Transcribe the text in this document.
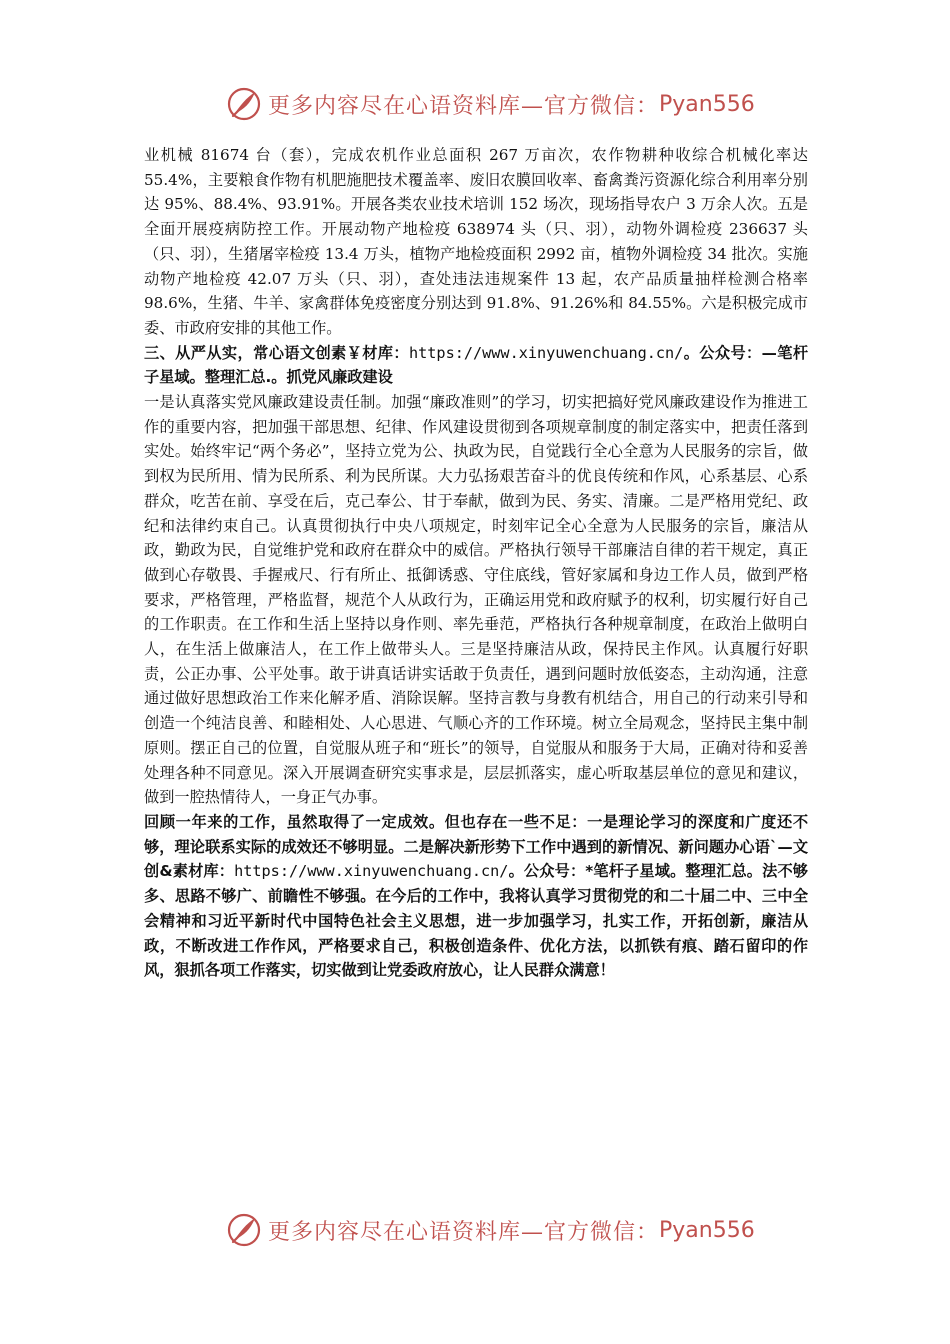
更多内容尽在心语资料库—官方微信： Pyan556

业机械 81674 台（套），完成农机作业总面积 267 万亩次，农作物耕种收综合机械化率达 55.4%，主要粮食作物有机肥施肥技术覆盖率、废旧农膜回收率、畜禽粪污资源化综合利用率分别达 95%、88.4%、93.91%。开展各类农业技术培训 152 场次，现场指导农户 3 万余人次。五是全面开展疫病防控工作。开展动物产地检疫 638974 头（只、羽），动物外调检疫 236637 头（只、羽），生猪屠宰检疫 13.4 万头，植物产地检疫面积 2992 亩，植物外调检疫 34 批次。实施动物产地检疫 42.07 万头（只、羽），查处违法违规案件 13 起，农产品质量抽样检测合格率 98.6%，生猪、牛羊、家禽群体免疫密度分别达到 91.8%、91.26%和 84.55%。六是积极完成市委、市政府安排的其他工作。

三、从严从实，常心语文创素￥材库：https://www.xinyuwenchuang.cn/。公众号：—笔杆子星域。整理汇总.。抓党风廉政建设

一是认真落实党风廉政建设责任制。加强“廉政准则”的学习，切实把搞好党风廉政建设作为推进工作的重要内容，把加强干部思想、纪律、作风建设贯彻到各项规章制度的制定落实中，把责任落到实处。始终牢记“两个务必”，坚持立党为公、执政为民，自觉践行全心全意为人民服务的宗旨，做到权为民所用、情为民所系、利为民所谋。大力弘扬艰苦奋斗的优良传统和作风，心系基层、心系群众，吃苦在前、享受在后，克己奉公、甘于奉献，做到为民、务实、清廉。二是严格用党纪、政纪和法律约束自己。认真贯彻执行中央八项规定，时刻牢记全心全意为人民服务的宗旨，廉洁从政，勤政为民，自觉维护党和政府在群众中的威信。严格执行领导干部廉洁自律的若干规定，真正做到心存敬畏、手握戒尺、行有所止、抵御诱惑、守住底线，管好家属和身边工作人员，做到严格要求，严格管理，严格监督，规范个人从政行为，正确运用党和政府赋予的权利，切实履行好自己的工作职责。在工作和生活上坚持以身作则、率先垂范，严格执行各种规章制度，在政治上做明白人，在生活上做廉洁人，在工作上做带头人。三是坚持廉洁从政，保持民主作风。认真履行好职责，公正办事、公平处事。敢于讲真话讲实话敢于负责任，遇到问题时放低姿态，主动沟通，注意通过做好思想政治工作来化解矛盾、消除误解。坚持言教与身教有机结合，用自己的行动来引导和创造一个纯洁良善、和睦相处、人心思进、气顺心齐的工作环境。树立全局观念，坚持民主集中制原则。摆正自己的位置，自觉服从班子和“班长”的领导，自觉服从和服务于大局，正确对待和妥善处理各种不同意见。深入开展调查研究实事求是，层层抓落实，虚心听取基层单位的意见和建议，做到一腔热情待人，一身正气办事。

回顾一年来的工作，虽然取得了一定成效。但也存在一些不足：一是理论学习的深度和广度还不够，理论联系实际的成效还不够明显。二是解决新形势下工作中遇到的新情况、新问题办心语`—文创&素材库：https://www.xinyuwenchuang.cn/。公众号：*笔杆子星域。整理汇总。法不够多、思路不够广、前瞻性不够强。在今后的工作中，我将认真学习贯彻党的和二十届二中、三中全会精神和习近平新时代中国特色社会主义思想，进一步加强学习，扎实工作，开拓创新，廉洁从政，不断改进工作作风，严格要求自己，积极创造条件、优化方法，以抓铁有痕、踏石留印的作风，狠抓各项工作落实，切实做到让党委政府放心，让人民群众满意！

更多内容尽在心语资料库—官方微信： Pyan556
